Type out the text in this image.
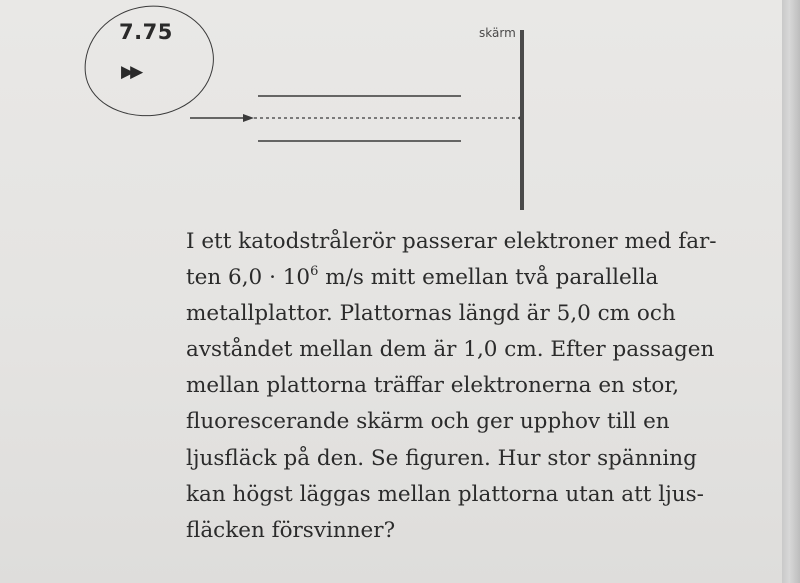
7.75
▶▶
skärm
I ett katodstrålerör passerar elektroner med far-
ten $6,0 \cdot 10^6$ m/s mitt emellan två parallella
metallplattor. Plattornas längd är 5,0 cm och
avståndet mellan dem är 1,0 cm. Efter passagen
mellan plattorna träffar elektronerna en stor,
fluorescerande skärm och ger upphov till en
ljusfläck på den. Se figuren. Hur stor spänning
kan högst läggas mellan plattorna utan att ljus-
fläcken försvinner?
